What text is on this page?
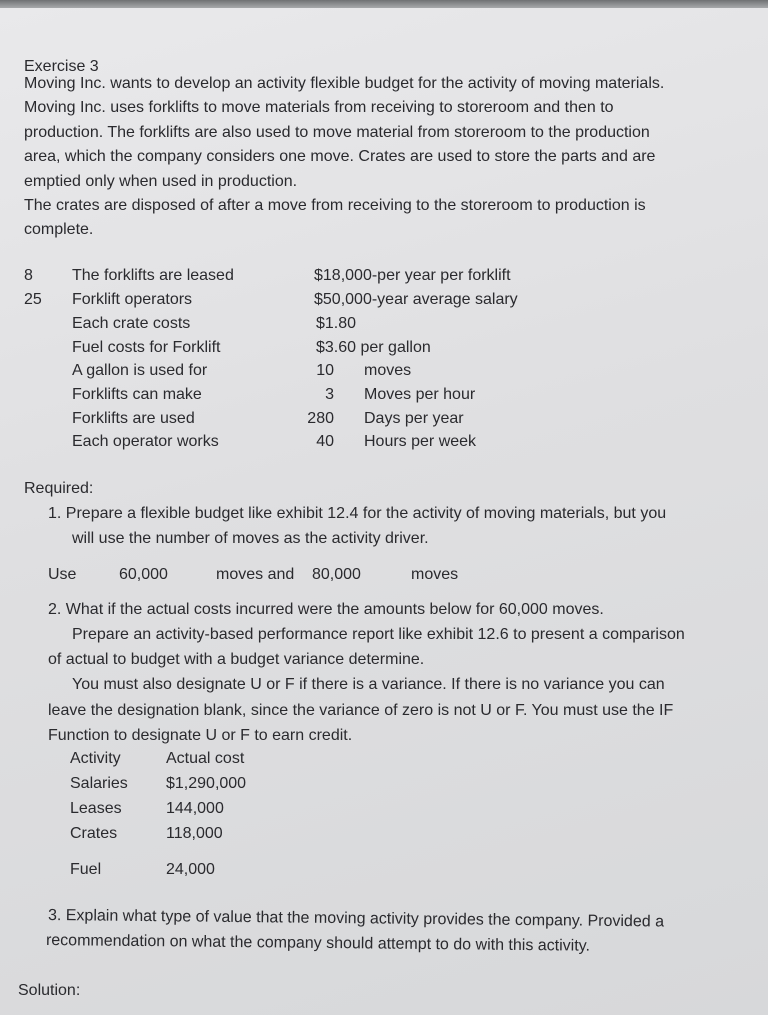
Exercise 3
Moving Inc. wants to develop an activity flexible budget for the activity of moving materials.
Moving Inc. uses forklifts to move materials from receiving to storeroom and then to
production. The forklifts are also used to move material from storeroom to the production
area, which the company considers one move. Crates are used to store the parts and are
emptied only when used in production.
The crates are disposed of after a move from receiving to the storeroom to production is
complete.
8 The forklifts are leased	$18,000-per year per forklift
25 Forklift operators	$50,000-year average salary
Each crate costs	$1.80
Fuel costs for Forklift	$3.60 per gallon
A gallon is used for	10 moves
Forklifts can make	3 Moves per hour
Forklifts are used	280 Days per year
Each operator works	40 Hours per week
Required:
1. Prepare a flexible budget like exhibit 12.4 for the activity of moving materials, but you
will use the number of moves as the activity driver.
Use	60,000	moves and 80,000	moves
2. What if the actual costs incurred were the amounts below for 60,000 moves.
Prepare an activity-based performance report like exhibit 12.6 to present a comparison
of actual to budget with a budget variance determine.
You must also designate U or F if there is a variance. If there is no variance you can
leave the designation blank, since the variance of zero is not U or F. You must use the IF
Function to designate U or F to earn credit.
Activity	Actual cost
Salaries $1,290,000
Leases	144,000
Crates	118,000
Fuel	24,000
3. Explain what type of value that the moving activity provides the company. Provided a
recommendation on what the company should attempt to do with this activity.
Solution:
